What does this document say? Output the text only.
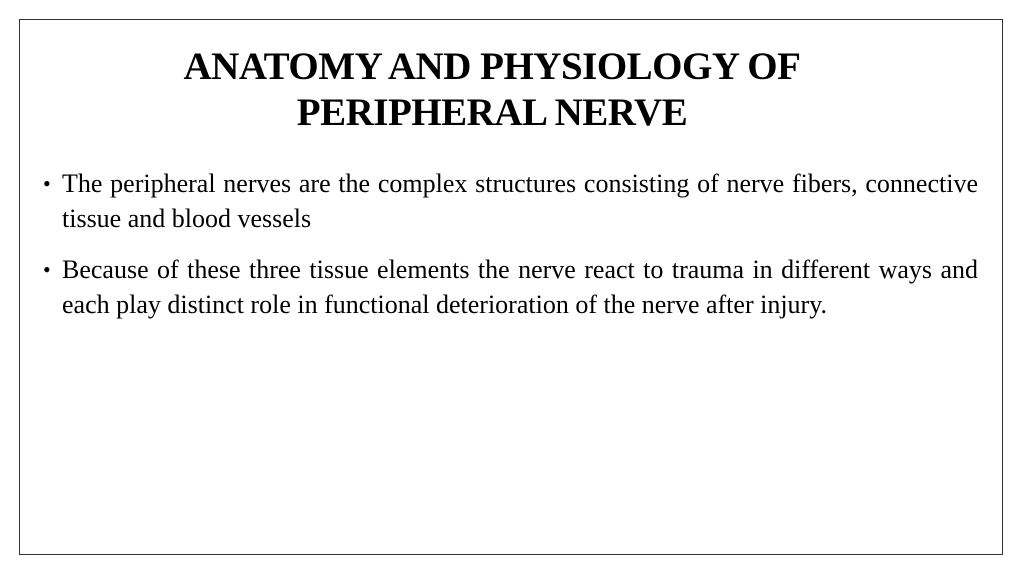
ANATOMY AND PHYSIOLOGY OF
PERIPHERAL NERVE
• The peripheral nerves are the complex structures consisting of nerve fibers, connective tissue and blood vessels
• Because of these three tissue elements the nerve react to trauma in different ways and each play distinct role in functional deterioration of the nerve after injury.
